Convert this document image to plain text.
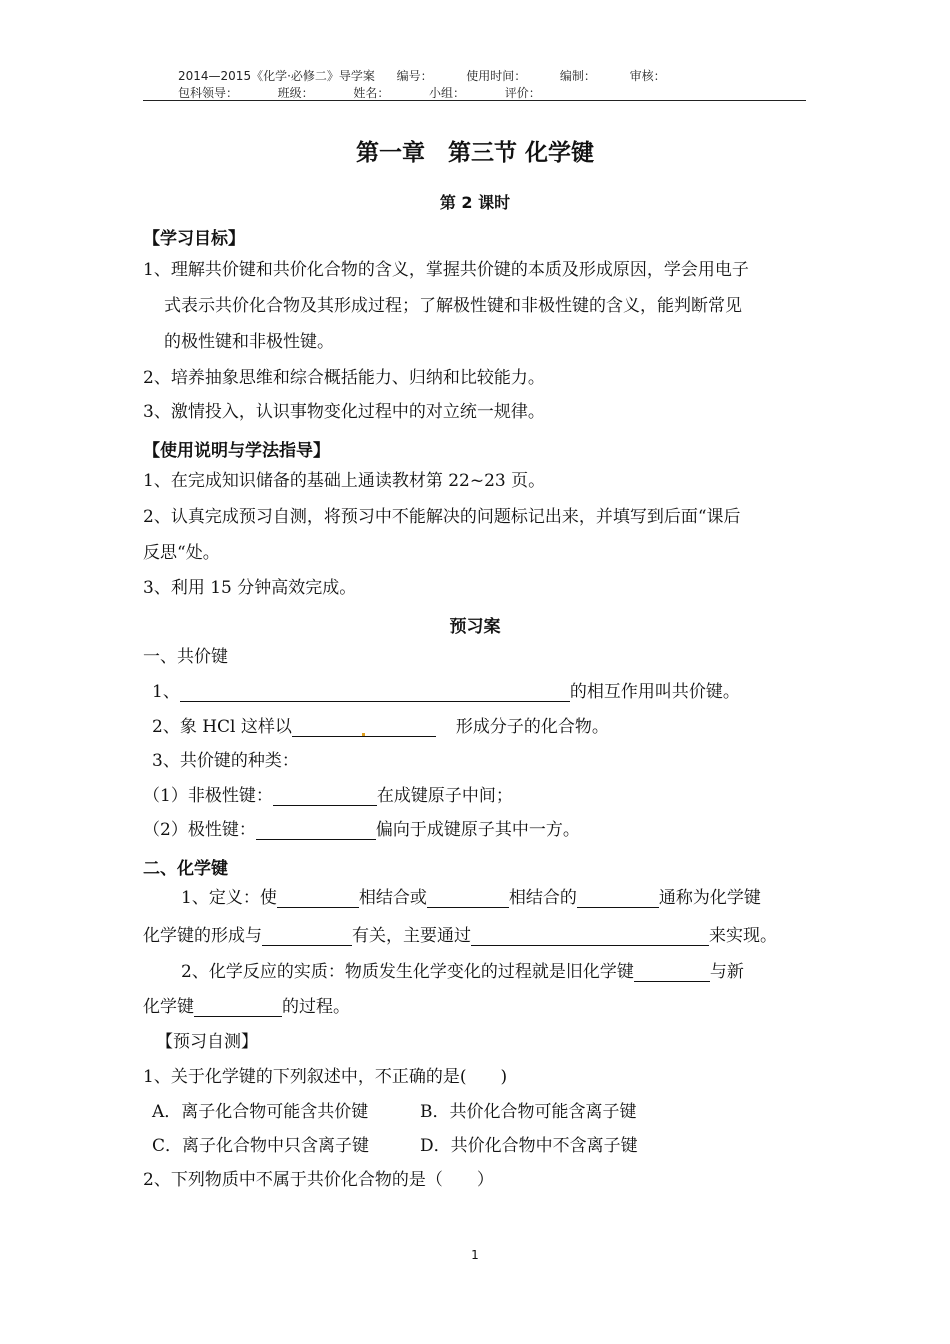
2014—2015《化学·必修二》导学案 编号：	使用时间：	编制：	审核：
包科领导：	班级：	姓名：	小组：	评价：
第一章　第三节 化学键
第 2 课时
【学习目标】
1、理解共价键和共价化合物的含义，掌握共价键的本质及形成原因，学会用电子
式表示共价化合物及其形成过程；了解极性键和非极性键的含义，能判断常见
的极性键和非极性键。
2、培养抽象思维和综合概括能力、归纳和比较能力。
3、激情投入，认识事物变化过程中的对立统一规律。
【使用说明与学法指导】
1、在完成知识储备的基础上通读教材第 22~23 页。
2、认真完成预习自测，将预习中不能解决的问题标记出来，并填写到后面“课后
反思“处。
3、利用 15 分钟高效完成。
预习案
一、共价键
1、	的相互作用叫共价键。
2、象 HCl 这样以	形成分子的化合物。
3、共价键的种类：
（1）非极性键：	在成键原子中间；
（2）极性键：	偏向于成键原子其中一方。
二、化学键
1、定义：使	相结合或	相结合的	通称为化学键
化学键的形成与	有关，主要通过	来实现。
2、化学反应的实质：物质发生化学变化的过程就是旧化学键	与新
化学键	的过程。
【预习自测】
1、关于化学键的下列叙述中，不正确的是(　　)
A．离子化合物可能含共价键	B．共价化合物可能含离子键
C．离子化合物中只含离子键	D．共价化合物中不含离子键
2、下列物质中不属于共价化合物的是（　　）
1
